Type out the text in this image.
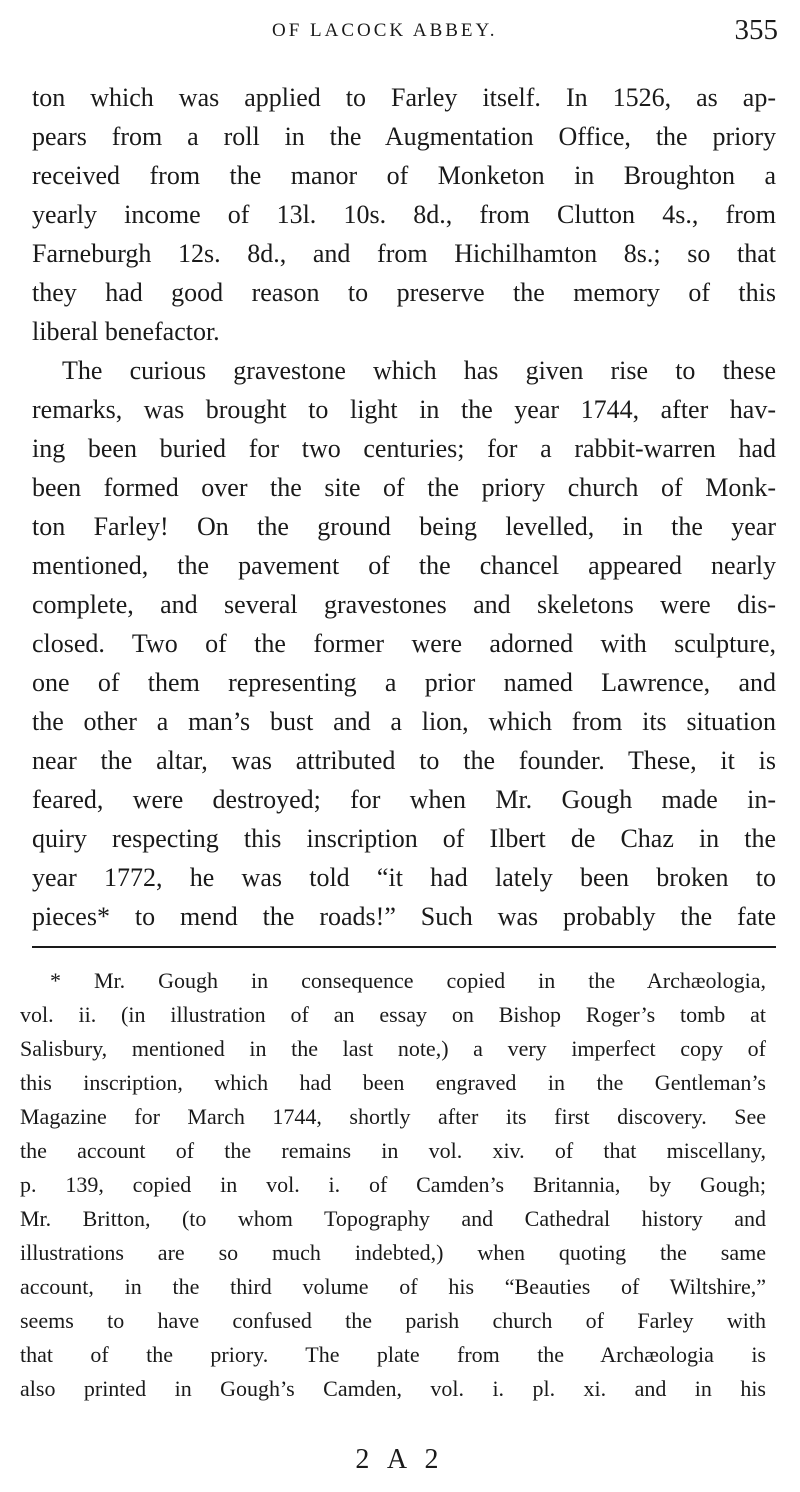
OF LACOCK ABBEY.	355
ton which was applied to Farley itself. In 1526, as ap-
pears from a roll in the Augmentation Office, the priory
received from the manor of Monketon in Broughton a
yearly income of 13l. 10s. 8d., from Clutton 4s., from
Farneburgh 12s. 8d., and from Hichilhamton 8s.; so that
they had good reason to preserve the memory of this
liberal benefactor.
The curious gravestone which has given rise to these
remarks, was brought to light in the year 1744, after hav-
ing been buried for two centuries; for a rabbit-warren had
been formed over the site of the priory church of Monk-
ton Farley! On the ground being levelled, in the year
mentioned, the pavement of the chancel appeared nearly
complete, and several gravestones and skeletons were dis-
closed. Two of the former were adorned with sculpture,
one of them representing a prior named Lawrence, and
the other a man’s bust and a lion, which from its situation
near the altar, was attributed to the founder. These, it is
feared, were destroyed; for when Mr. Gough made in-
quiry respecting this inscription of Ilbert de Chaz in the
year 1772, he was told “it had lately been broken to
pieces* to mend the roads!” Such was probably the fate
* Mr. Gough in consequence copied in the Archæologia,
vol. ii. (in illustration of an essay on Bishop Roger’s tomb at
Salisbury, mentioned in the last note,) a very imperfect copy of
this inscription, which had been engraved in the Gentleman’s
Magazine for March 1744, shortly after its first discovery. See
the account of the remains in vol. xiv. of that miscellany,
p. 139, copied in vol. i. of Camden’s Britannia, by Gough;
Mr. Britton, (to whom Topography and Cathedral history and
illustrations are so much indebted,) when quoting the same
account, in the third volume of his “Beauties of Wiltshire,”
seems to have confused the parish church of Farley with
that of the priory. The plate from the Archæologia is
also printed in Gough’s Camden, vol. i. pl. xi. and in his
2 A 2
